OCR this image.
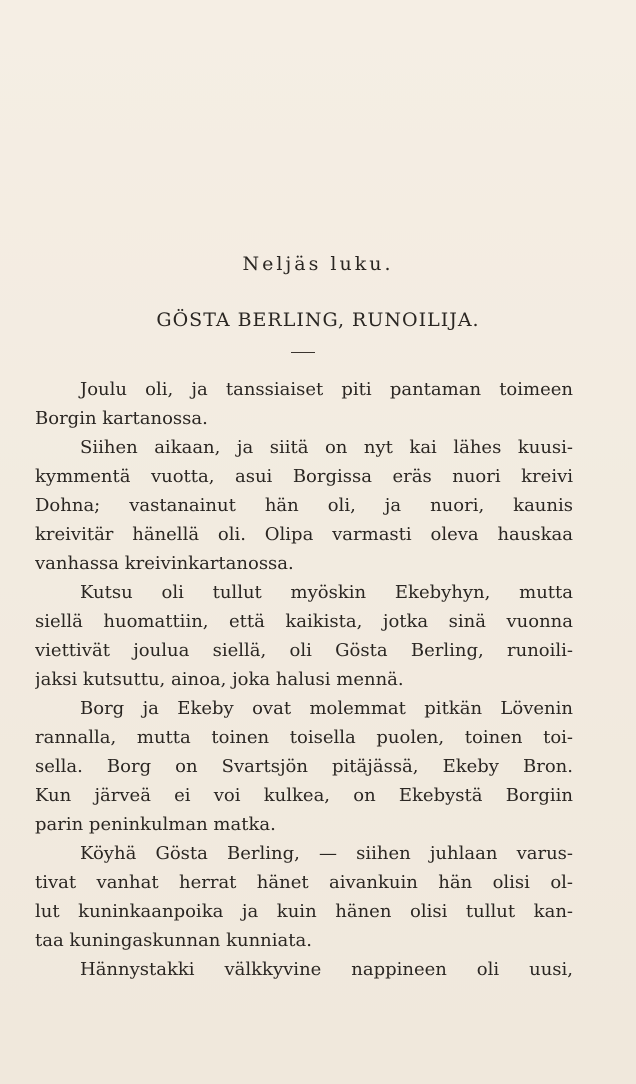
Neljäs luku.
GÖSTA BERLING, RUNOILIJA.
Joulu oli, ja tanssiaiset piti pantaman toimeen
Borgin kartanossa.
Siihen aikaan, ja siitä on nyt kai lähes kuusi-
kymmentä vuotta, asui Borgissa eräs nuori kreivi
Dohna; vastanainut hän oli, ja nuori, kaunis
kreivitär hänellä oli. Olipa varmasti oleva hauskaa
vanhassa kreivinkartanossa.
Kutsu oli tullut myöskin Ekebyhyn, mutta
siellä huomattiin, että kaikista, jotka sinä vuonna
viettivät joulua siellä, oli Gösta Berling, runoili-
jaksi kutsuttu, ainoa, joka halusi mennä.
Borg ja Ekeby ovat molemmat pitkän Lövenin
rannalla, mutta toinen toisella puolen, toinen toi-
sella. Borg on Svartsjön pitäjässä, Ekeby Bron.
Kun järveä ei voi kulkea, on Ekebystä Borgiin
parin peninkulman matka.
Köyhä Gösta Berling, — siihen juhlaan varus-
tivat vanhat herrat hänet aivankuin hän olisi ol-
lut kuninkaanpoika ja kuin hänen olisi tullut kan-
taa kuningaskunnan kunniata.
Hännystakki välkkyvine nappineen oli uusi,
